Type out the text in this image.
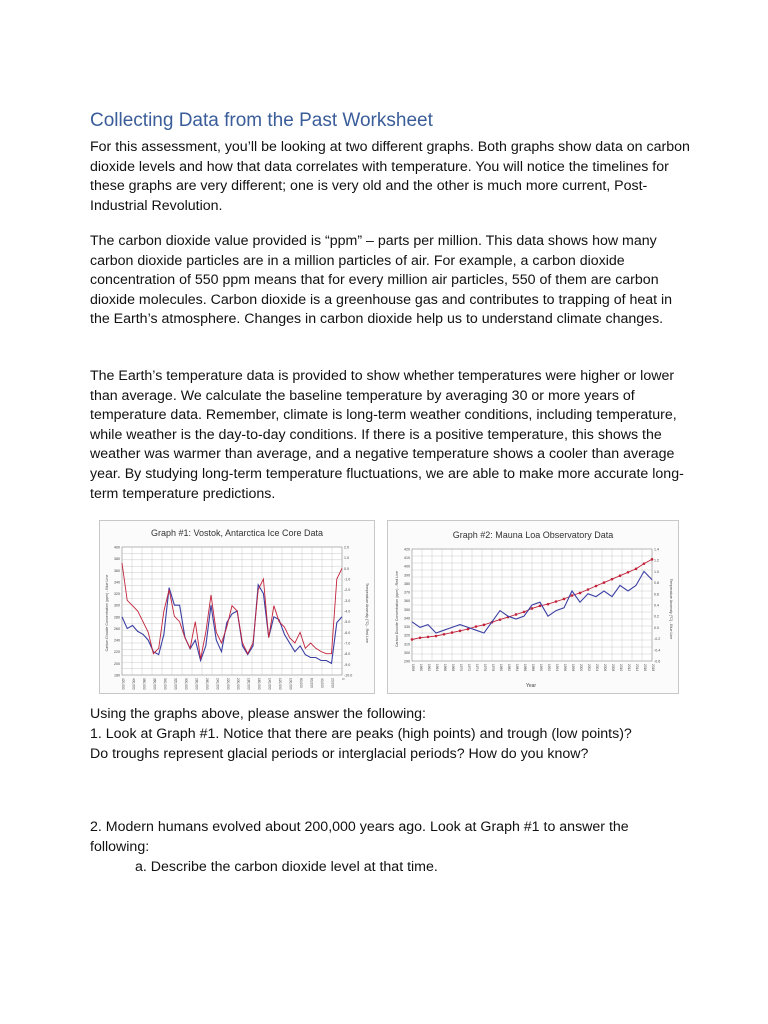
Collecting Data from the Past Worksheet

For this assessment, you’ll be looking at two different graphs. Both graphs show data on carbon dioxide levels and how that data correlates with temperature. You will notice the timelines for these graphs are very different; one is very old and the other is much more current, Post-Industrial Revolution.

The carbon dioxide value provided is “ppm” – parts per million. This data shows how many carbon dioxide particles are in a million particles of air. For example, a carbon dioxide concentration of 550 ppm means that for every million air particles, 550 of them are carbon dioxide molecules. Carbon dioxide is a greenhouse gas and contributes to trapping of heat in the Earth’s atmosphere. Changes in carbon dioxide help us to understand climate changes.

The Earth’s temperature data is provided to show whether temperatures were higher or lower than average. We calculate the baseline temperature by averaging 30 or more years of temperature data. Remember, climate is long-term weather conditions, including temperature, while weather is the day-to-day conditions. If there is a positive temperature, this shows the weather was warmer than average, and a negative temperature shows a cooler than average year. By studying long-term temperature fluctuations, we are able to make more accurate long-term temperature predictions.

Graph #1: Vostok, Antarctica Ice Core Data
Carbon Dioxide Concentration (ppm) - Blue Line	Temperature Anomaly (°C) - Red Line
180
200
220
240
260
280
300
320
340
360
380
400
-10.0
-9.0
-8.0
-7.0
-6.0
-5.0
-4.0
-3.0
-2.0
-1.0
0.0
1.0
2.0
420,000 400,000 380,000 360,000 340,000 320,000 300,000 280,000 260,000 240,000 220,000 200,000 180,000 160,000 140,000 120,000 100,000 80,000 60,000 40,000 20,000 0
Graph #2: Mauna Loa Observatory Data
Carbon Dioxide Concentration (ppm) - Red Line	Temperature Anomaly (°C) - Blue Line
Year
290
300
310
320
330
340
350
360
370
380
390
400
410
420
-0.6
-0.4
-0.2
0.0
0.2
0.4
0.6
0.8
1.0
1.2
1.4
1958 1960 1962 1964 1966 1968 1970 1972 1974 1976 1978 1980 1982 1984 1986 1988 1990 1992 1994 1996 1998 2000 2002 2004 2006 2008 2010 2012 2014 2016 2018

Using the graphs above, please answer the following:

1. Look at Graph #1. Notice that there are peaks (high points) and trough (low points)?

Do troughs represent glacial periods or interglacial periods? How do you know?

2. Modern humans evolved about 200,000 years ago. Look at Graph #1 to answer the

following:

a. Describe the carbon dioxide level at that time.
